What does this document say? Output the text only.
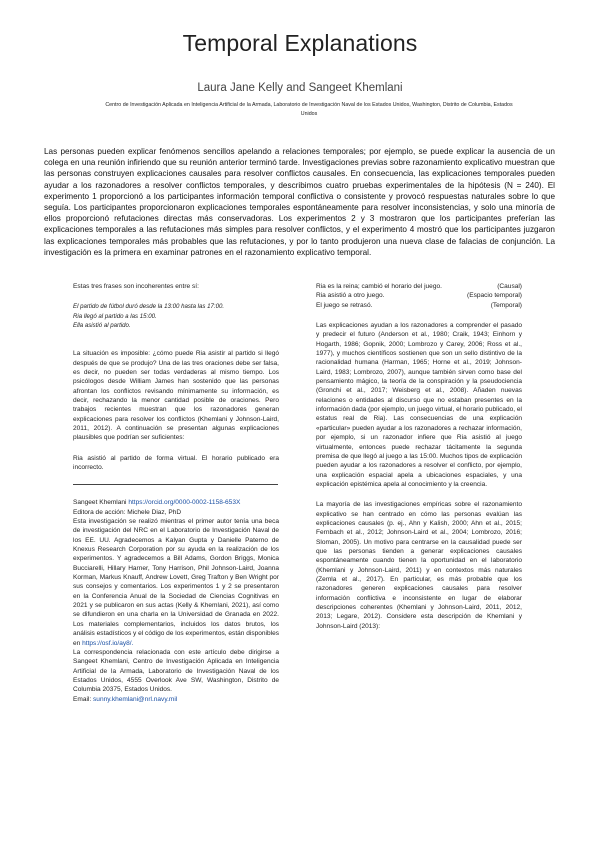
Temporal Explanations
Laura Jane Kelly and Sangeet Khemlani
Centro de Investigación Aplicada en Inteligencia Artificial de la Armada, Laboratorio de Investigación Naval de los Estados Unidos, Washington, Distrito de Columbia, Estados Unidos
Las personas pueden explicar fenómenos sencillos apelando a relaciones temporales; por ejemplo, se puede explicar la ausencia de un colega en una reunión infiriendo que su reunión anterior terminó tarde. Investigaciones previas sobre razonamiento explicativo muestran que las personas construyen explicaciones causales para resolver conflictos causales. En consecuencia, las explicaciones temporales pueden ayudar a los razonadores a resolver conflictos temporales, y describimos cuatro pruebas experimentales de la hipótesis (N = 240). El experimento 1 proporcionó a los participantes información temporal conflictiva o consistente y provocó respuestas naturales sobre lo que seguía. Los participantes proporcionaron explicaciones temporales espontáneamente para resolver inconsistencias, y solo una minoría de ellos proporcionó refutaciones directas más conservadoras. Los experimentos 2 y 3 mostraron que los participantes preferían las explicaciones temporales a las refutaciones más simples para resolver conflictos, y el experimento 4 mostró que los participantes juzgaron las explicaciones temporales más probables que las refutaciones, y por lo tanto produjeron una nueva clase de falacias de conjunción. La investigación es la primera en examinar patrones en el razonamiento explicativo temporal.

Estas tres frases son incoherentes entre sí:

El partido de fútbol duró desde la 13:00 hasta las 17:00.
Ria llegó al partido a las 15:00.
Ella asistió al partido.

La situación es imposible: ¿cómo puede Ria asistir al partido si llegó después de que se produjo? Una de las tres oraciones debe ser falsa, es decir, no pueden ser todas verdaderas al mismo tiempo. Los psicólogos desde William James han sostenido que las personas afrontan los conflictos revisando mínimamente su información, es decir, rechazando la menor cantidad posible de oraciones. Pero trabajos recientes muestran que los razonadores generan explicaciones para resolver los conflictos (Khemlani y Johnson-Laird, 2011, 2012). A continuación se presentan algunas explicaciones plausibles que podrían ser suficientes:

Ria asistió al partido de forma virtual. El horario publicado era incorrecto.

Sangeet Khemlani https://orcid.org/0000-0002-1158-653X

Editora de acción: Michele Diaz, PhD

Esta investigación se realizó mientras el primer autor tenía una beca de investigación del NRC en el Laboratorio de Investigación Naval de los EE. UU. Agradecemos a Kalyan Gupta y Danielle Paterno de Knexus Research Corporation por su ayuda en la realización de los experimentos. Y agradecemos a Bill Adams, Gordon Briggs, Monica Bucciarelli, Hillary Harner, Tony Harrison, Phil Johnson-Laird, Joanna Korman, Markus Knauff, Andrew Lovett, Greg Trafton y Ben Wright por sus consejos y comentarios. Los experimentos 1 y 2 se presentaron en la Conferencia Anual de la Sociedad de Ciencias Cognitivas en 2021 y se publicaron en sus actas (Kelly & Khemlani, 2021), así como se difundieron en una charla en la Universidad de Granada en 2022. Los materiales complementarios, incluidos los datos brutos, los análisis estadísticos y el código de los experimentos, están disponibles en https://osf.io/ay8/.

La correspondencia relacionada con este artículo debe dirigirse a Sangeet Khemlani, Centro de Investigación Aplicada en Inteligencia Artificial de la Armada, Laboratorio de Investigación Naval de los Estados Unidos, 4555 Overlook Ave SW, Washington, Distrito de Columbia 20375, Estados Unidos.

Email: sunny.khemlani@nrl.navy.mil

Ria es la reina; cambió el horario del juego.	(Causal)
Ria asistió a otro juego.	(Espacio temporal)
El juego se retrasó.	(Temporal)

Las explicaciones ayudan a los razonadores a comprender el pasado y predecir el futuro (Anderson et al., 1980; Craik, 1943; Einhorn y Hogarth, 1986; Gopnik, 2000; Lombrozo y Carey, 2006; Ross et al., 1977), y muchos científicos sostienen que son un sello distintivo de la racionalidad humana (Harman, 1965; Horne et al., 2019; Johnson-Laird, 1983; Lombrozo, 2007), aunque también sirven como base del pensamiento mágico, la teoría de la conspiración y la pseudociencia (Gronchi et al., 2017; Weisberg et al., 2008). Añaden nuevas relaciones o entidades al discurso que no estaban presentes en la información dada (por ejemplo, un juego virtual, el horario publicado, el estatus real de Ria). Las consecuencias de una explicación «particular» pueden ayudar a los razonadores a rechazar información, por ejemplo, si un razonador infiere que Ria asistió al juego virtualmente, entonces puede rechazar tácitamente la segunda premisa de que llegó al juego a las 15:00. Muchos tipos de explicación pueden ayudar a los razonadores a resolver el conflicto, por ejemplo, una explicación espacial apela a ubicaciones espaciales, y una explicación epistémica apela al conocimiento y la creencia.

La mayoría de las investigaciones empíricas sobre el razonamiento explicativo se han centrado en cómo las personas evalúan las explicaciones causales (p. ej., Ahn y Kalish, 2000; Ahn et al., 2015; Fernbach et al., 2012; Johnson-Laird et al., 2004; Lombrozo, 2016; Sloman, 2005). Un motivo para centrarse en la causalidad puede ser que las personas tienden a generar explicaciones causales espontáneamente cuando tienen la oportunidad en el laboratorio (Khemlani y Johnson-Laird, 2011) y en contextos más naturales (Zemla et al., 2017). En particular, es más probable que los razonadores generen explicaciones causales para resolver información conflictiva e inconsistente en lugar de elaborar descripciones coherentes (Khemlani y Johnson-Laird, 2011, 2012, 2013; Legare, 2012). Considere esta descripción de Khemlani y Johnson-Laird (2013):
